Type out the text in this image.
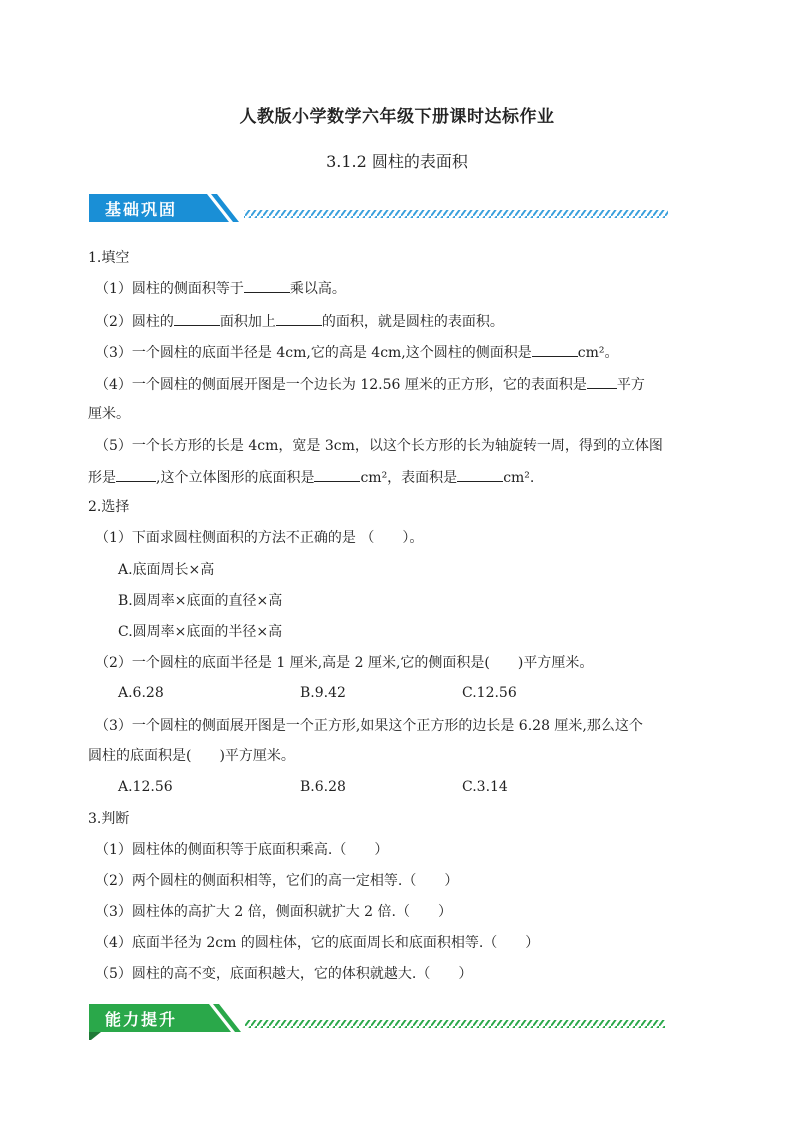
人教版小学数学六年级下册课时达标作业
3.1.2 圆柱的表面积
基础巩固
1.填空
（1）圆柱的侧面积等于	乘以高。
（2）圆柱的	面积加上	的面积，就是圆柱的表面积。
（3）一个圆柱的底面半径是 4cm,它的高是 4cm,这个圆柱的侧面积是	cm²。
（4）一个圆柱的侧面展开图是一个边长为 12.56 厘米的正方形，它的表面积是 平方
厘米。
（5）一个长方形的长是 4cm，宽是 3cm，以这个长方形的长为轴旋转一周，得到的立体图
形是	,这个立体图形的底面积是	cm²，表面积是	cm².
2.选择
（1）下面求圆柱侧面积的方法不正确的是 （　　）。
A.底面周长×高
B.圆周率×底面的直径×高
C.圆周率×底面的半径×高
（2）一个圆柱的底面半径是 1 厘米,高是 2 厘米,它的侧面积是(　　)平方厘米。
A.6.28	B.9.42	C.12.56
（3）一个圆柱的侧面展开图是一个正方形,如果这个正方形的边长是 6.28 厘米,那么这个
圆柱的底面积是(　　)平方厘米。
A.12.56	B.6.28	C.3.14
3.判断
（1）圆柱体的侧面积等于底面积乘高.（　　）
（2）两个圆柱的侧面积相等，它们的高一定相等.（　　）
（3）圆柱体的高扩大 2 倍，侧面积就扩大 2 倍.（　　）
（4）底面半径为 2cm 的圆柱体，它的底面周长和底面积相等.（　　）
（5）圆柱的高不变，底面积越大，它的体积就越大.（　　）
能力提升
